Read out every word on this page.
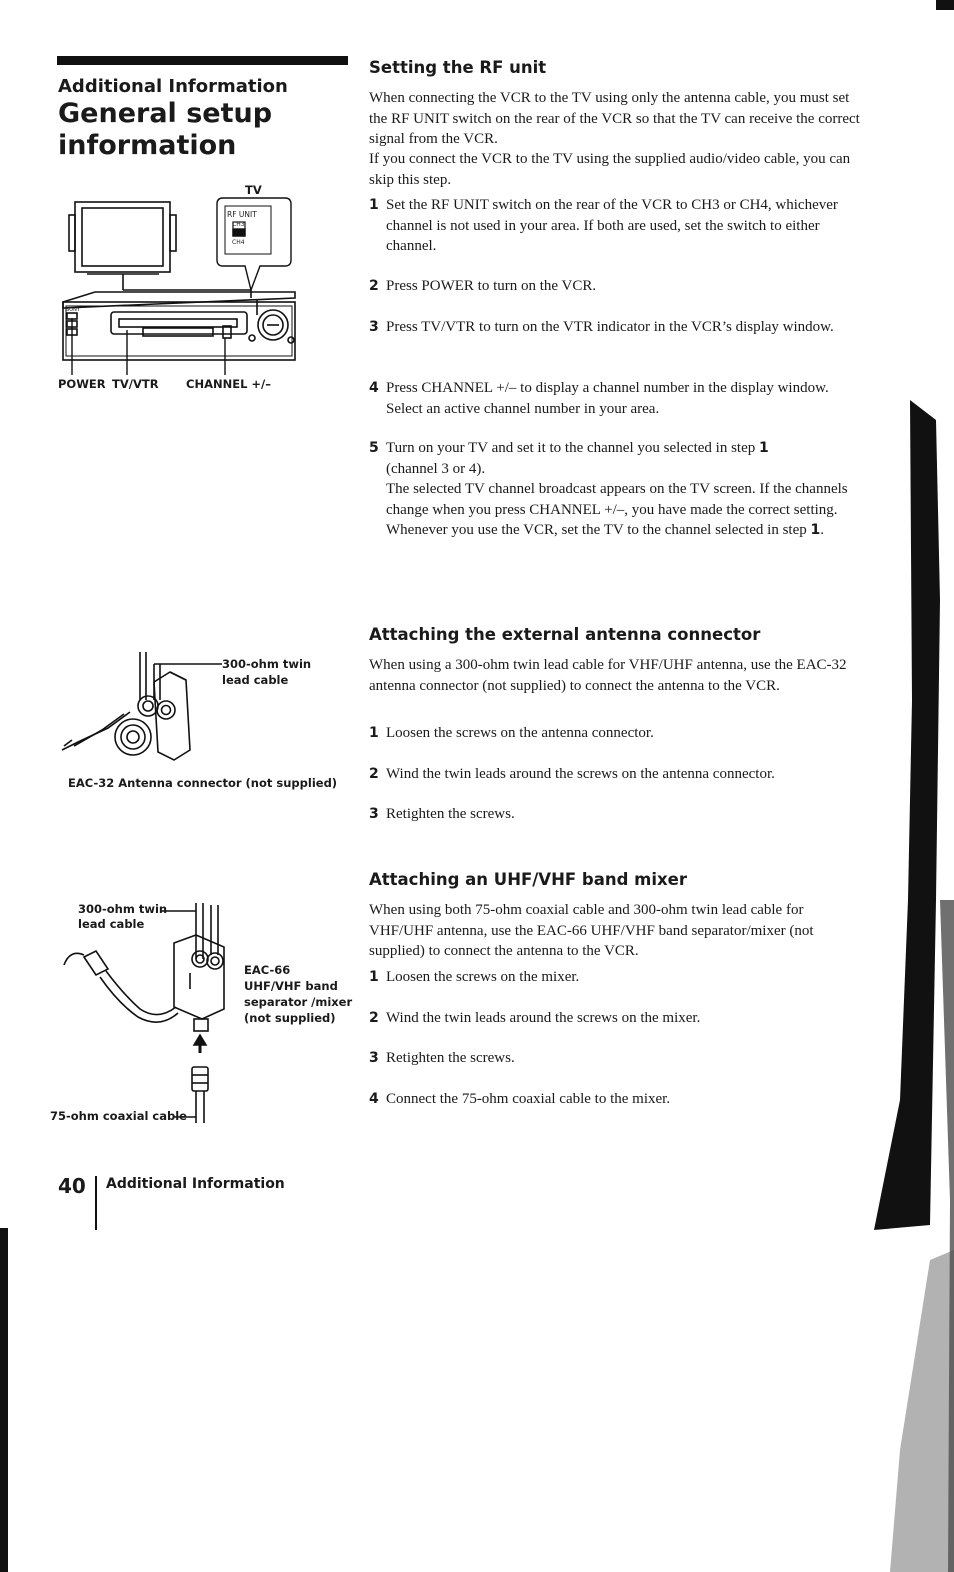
Additional Information
General setup information
RF UNIT
CH3
CH4
SONY
TV
POWER TV/VTR CHANNEL +/–
300-ohm twin
lead cable
EAC-32 Antenna connector (not supplied)
300-ohm twin
lead cable
EAC-66
UHF/VHF band
separator /mixer
(not supplied)
75-ohm coaxial cable
Setting the RF unit
When connecting the VCR to the TV using only the antenna cable, you must set the RF UNIT switch on the rear of the VCR so that the TV can receive the correct signal from the VCR.
If you connect the VCR to the TV using the supplied audio/video cable, you can skip this step.
1 Set the RF UNIT switch on the rear of the VCR to CH3 or CH4, whichever channel is not used in your area. If both are used, set the switch to either channel.
2 Press POWER to turn on the VCR.
3 Press TV/VTR to turn on the VTR indicator in the VCR’s display window.
4 Press CHANNEL +/– to display a channel number in the display window. Select an active channel number in your area.
5 Turn on your TV and set it to the channel you selected in step 1
(channel 3 or 4).
The selected TV channel broadcast appears on the TV screen. If the channels change when you press CHANNEL +/–, you have made the correct setting.
Whenever you use the VCR, set the TV to the channel selected in step 1.
Attaching the external antenna connector
When using a 300-ohm twin lead cable for VHF/UHF antenna, use the EAC-32 antenna connector (not supplied) to connect the antenna to the VCR.
1 Loosen the screws on the antenna connector.
2 Wind the twin leads around the screws on the antenna connector.
3 Retighten the screws.
Attaching an UHF/VHF band mixer
When using both 75-ohm coaxial cable and 300-ohm twin lead cable for VHF/UHF antenna, use the EAC-66 UHF/VHF band separator/mixer (not supplied) to connect the antenna to the VCR.
1 Loosen the screws on the mixer.
2 Wind the twin leads around the screws on the mixer.
3 Retighten the screws.
4 Connect the 75-ohm coaxial cable to the mixer.
40 Additional Information
